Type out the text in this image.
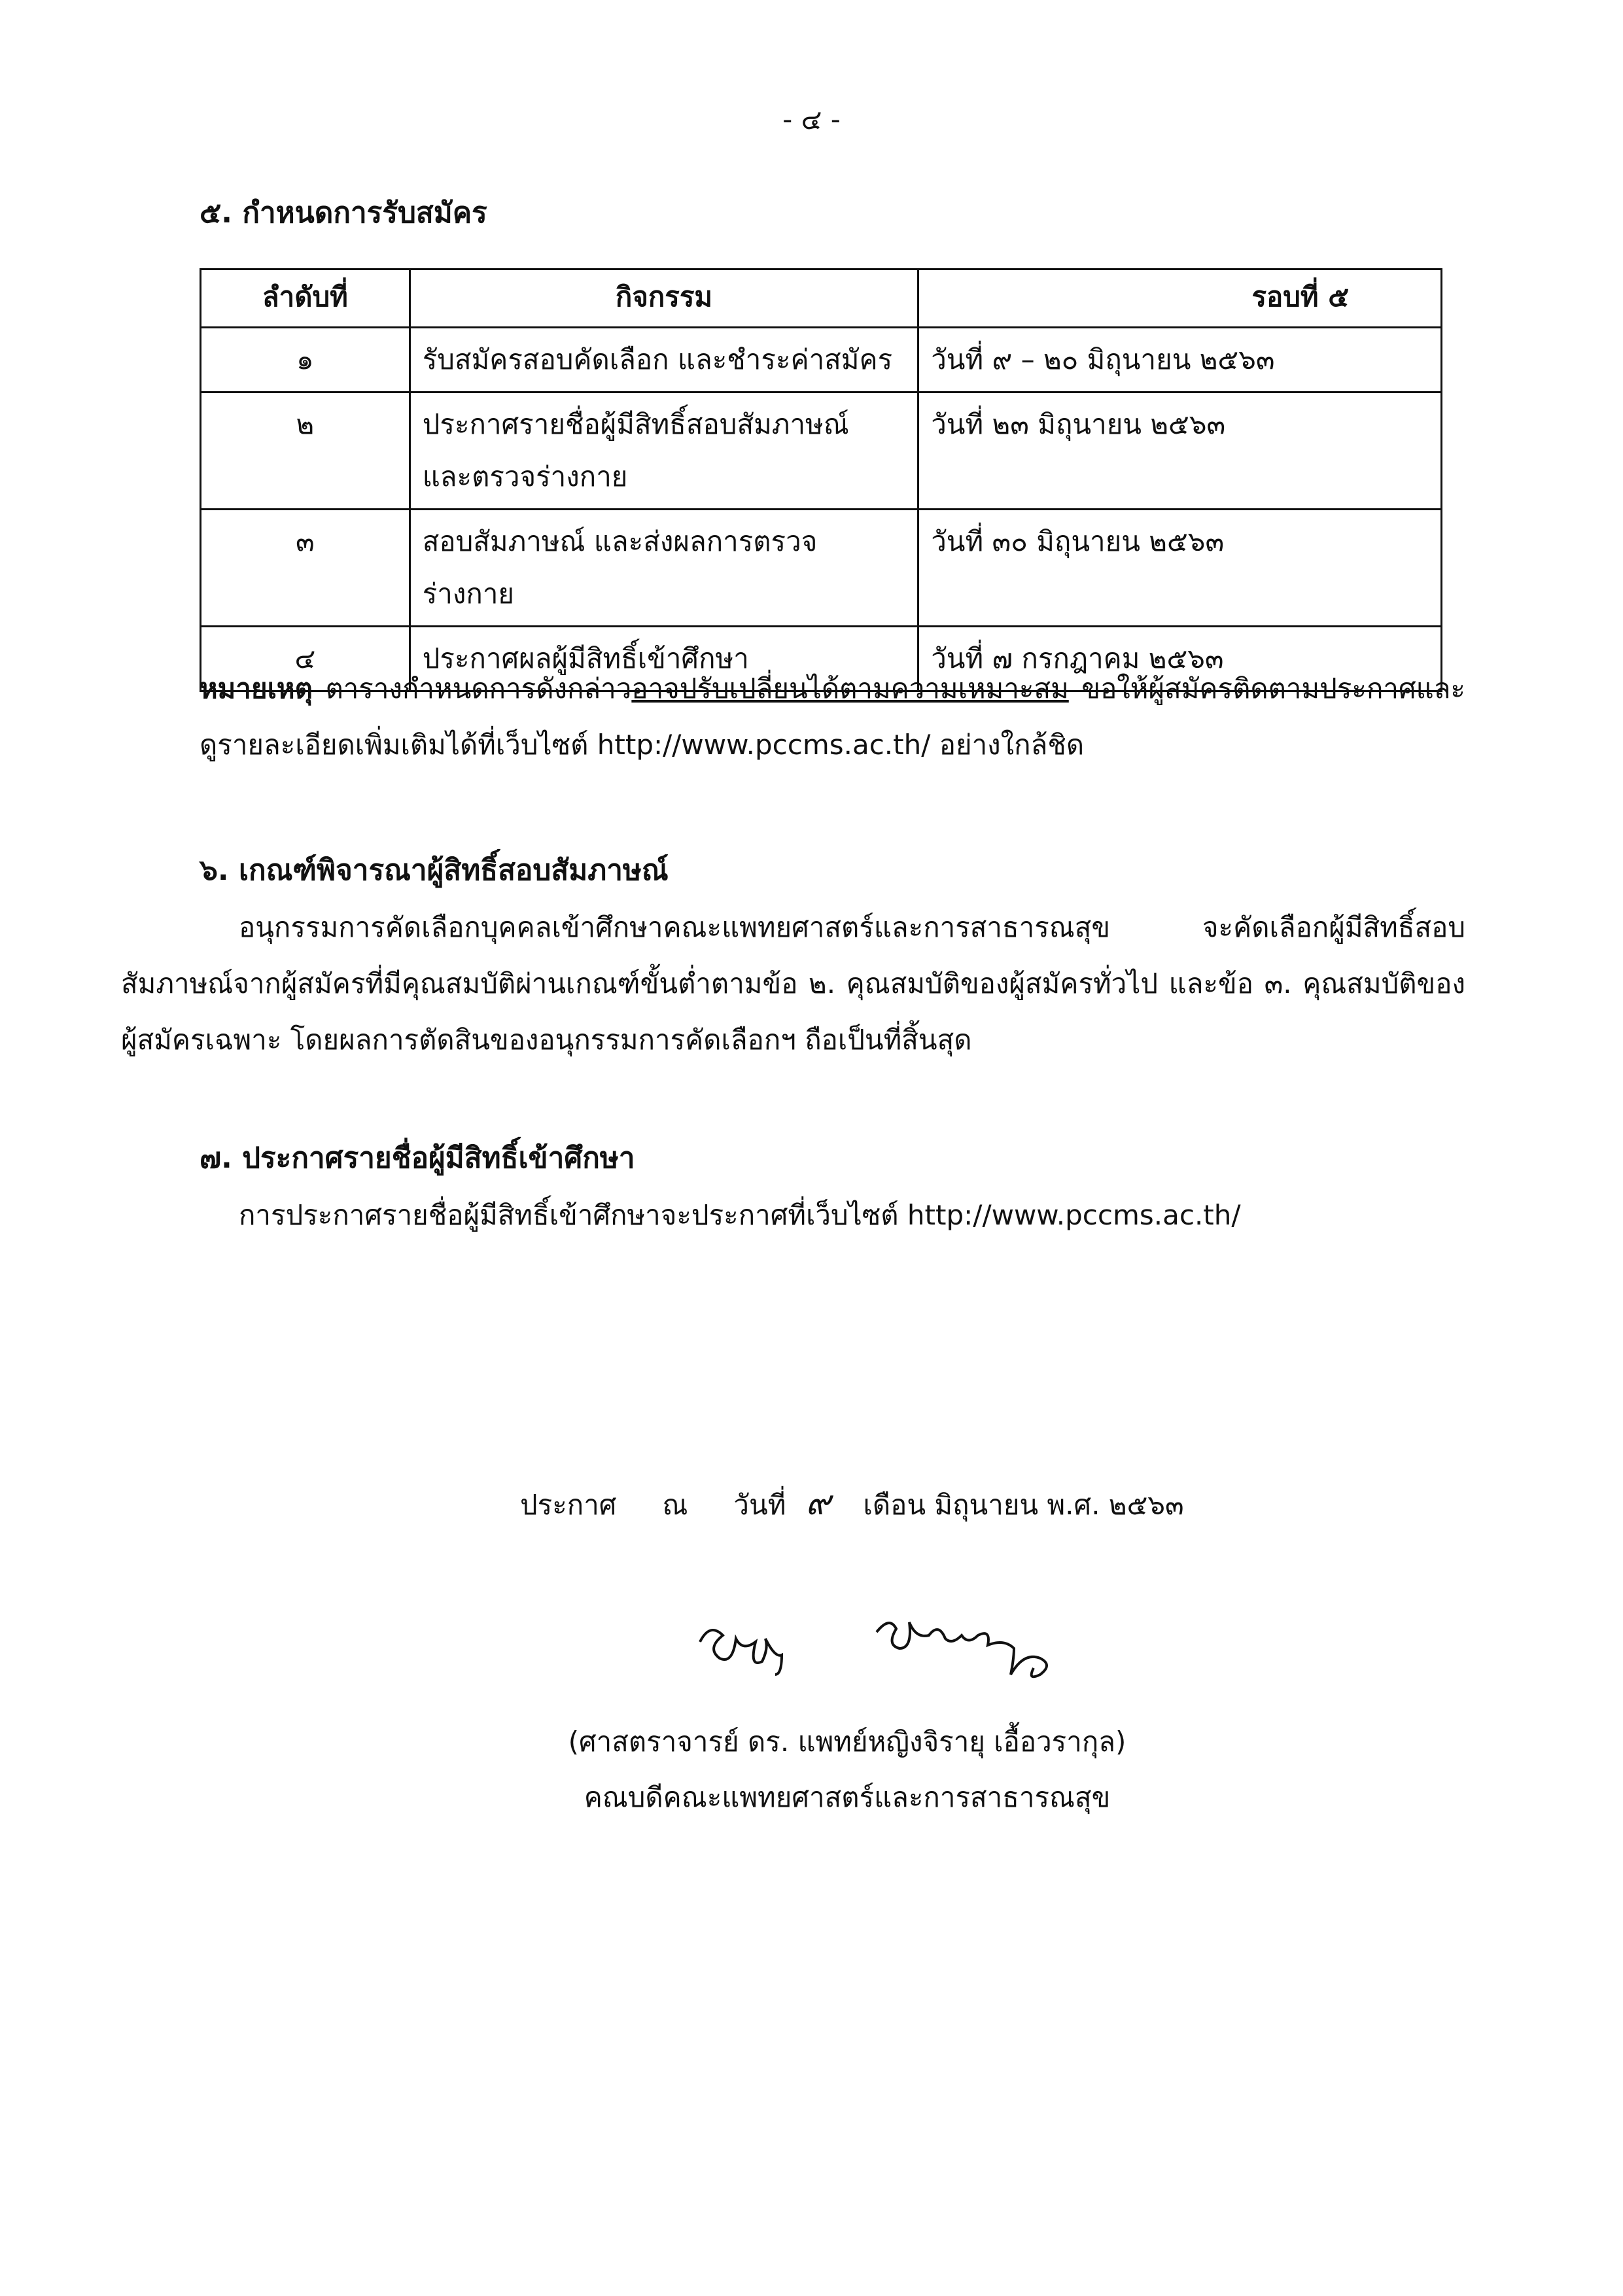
- ๔ -
๕. กำหนดการรับสมัคร
ลำดับที่	กิจกรรม	รอบที่ ๕
๑	รับสมัครสอบคัดเลือก และชำระค่าสมัคร	วันที่ ๙ – ๒๐ มิถุนายน ๒๕๖๓
๒	ประกาศรายชื่อผู้มีสิทธิ์สอบสัมภาษณ์ และตรวจร่างกาย	วันที่ ๒๓ มิถุนายน ๒๕๖๓
๓	สอบสัมภาษณ์ และส่งผลการตรวจร่างกาย	วันที่ ๓๐ มิถุนายน ๒๕๖๓
๔	ประกาศผลผู้มีสิทธิ์เข้าศึกษา	วันที่ ๗ กรกฎาคม ๒๕๖๓
หมายเหตุ ตารางกำหนดการดังกล่าวอาจปรับเปลี่ยนได้ตามความเหมาะสม ขอให้ผู้สมัครติดตามประกาศและดูรายละเอียดเพิ่มเติมได้ที่เว็บไซต์ http://www.pccms.ac.th/ อย่างใกล้ชิด
๖. เกณฑ์พิจารณาผู้สิทธิ์สอบสัมภาษณ์
อนุกรรมการคัดเลือกบุคคลเข้าศึกษาคณะแพทยศาสตร์และการสาธารณสุข จะคัดเลือกผู้มีสิทธิ์สอบสัมภาษณ์จากผู้สมัครที่มีคุณสมบัติผ่านเกณฑ์ขั้นต่ำตามข้อ ๒. คุณสมบัติของผู้สมัครทั่วไป และข้อ ๓. คุณสมบัติของผู้สมัครเฉพาะ โดยผลการตัดสินของอนุกรรมการคัดเลือกฯ ถือเป็นที่สิ้นสุด
๗. ประกาศรายชื่อผู้มีสิทธิ์เข้าศึกษา
การประกาศรายชื่อผู้มีสิทธิ์เข้าศึกษาจะประกาศที่เว็บไซต์ http://www.pccms.ac.th/
ประกาศ ณ วันที่ ๙ เดือน มิถุนายน พ.ศ. ๒๕๖๓
(ศาสตราจารย์ ดร. แพทย์หญิงจิรายุ เอื้อวรากุล)
คณบดีคณะแพทยศาสตร์และการสาธารณสุข
